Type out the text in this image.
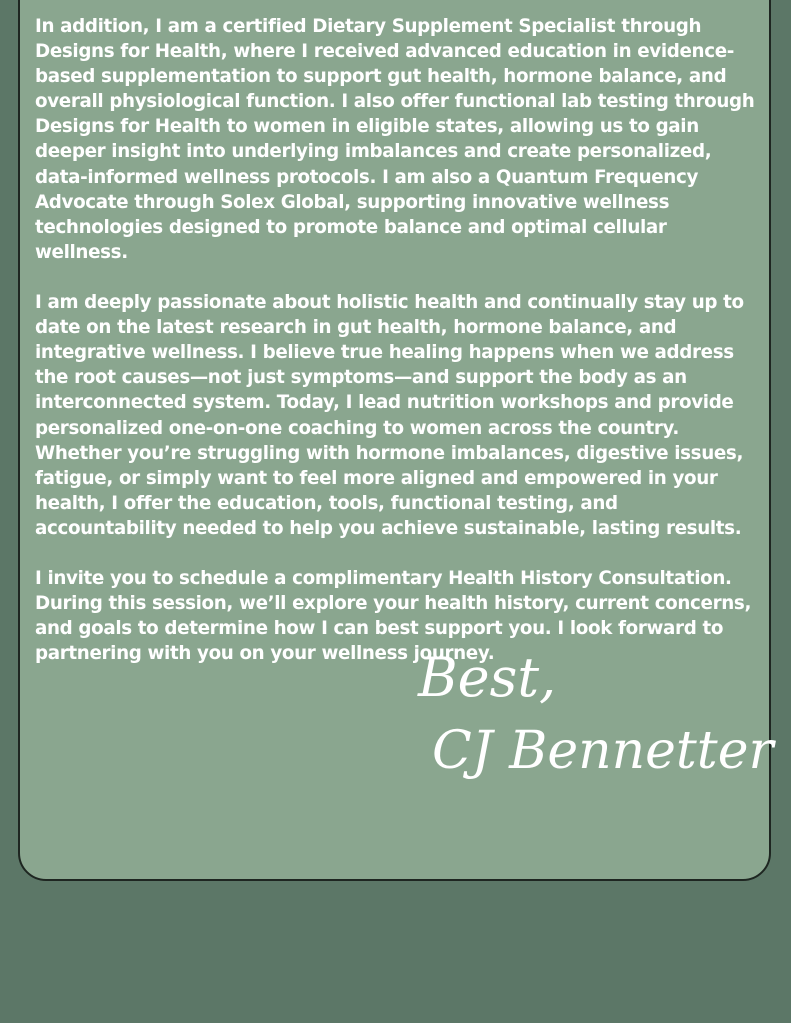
In addition, I am a certified Dietary Supplement Specialist through Designs for Health, where I received advanced education in evidence-based supplementation to support gut health, hormone balance, and overall physiological function. I also offer functional lab testing through Designs for Health to women in eligible states, allowing us to gain deeper insight into underlying imbalances and create personalized, data-informed wellness protocols. I am also a Quantum Frequency Advocate through Solex Global, supporting innovative wellness technologies designed to promote balance and optimal cellular wellness.

I am deeply passionate about holistic health and continually stay up to date on the latest research in gut health, hormone balance, and integrative wellness. I believe true healing happens when we address the root causes—not just symptoms—and support the body as an interconnected system. Today, I lead nutrition workshops and provide personalized one-on-one coaching to women across the country. Whether you’re struggling with hormone imbalances, digestive issues, fatigue, or simply want to feel more aligned and empowered in your health, I offer the education, tools, functional testing, and accountability needed to help you achieve sustainable, lasting results.

I invite you to schedule a complimentary Health History Consultation. During this session, we’ll explore your health history, current concerns, and goals to determine how I can best support you. I look forward to partnering with you on your wellness journey.

Best,
CJ Bennetter
